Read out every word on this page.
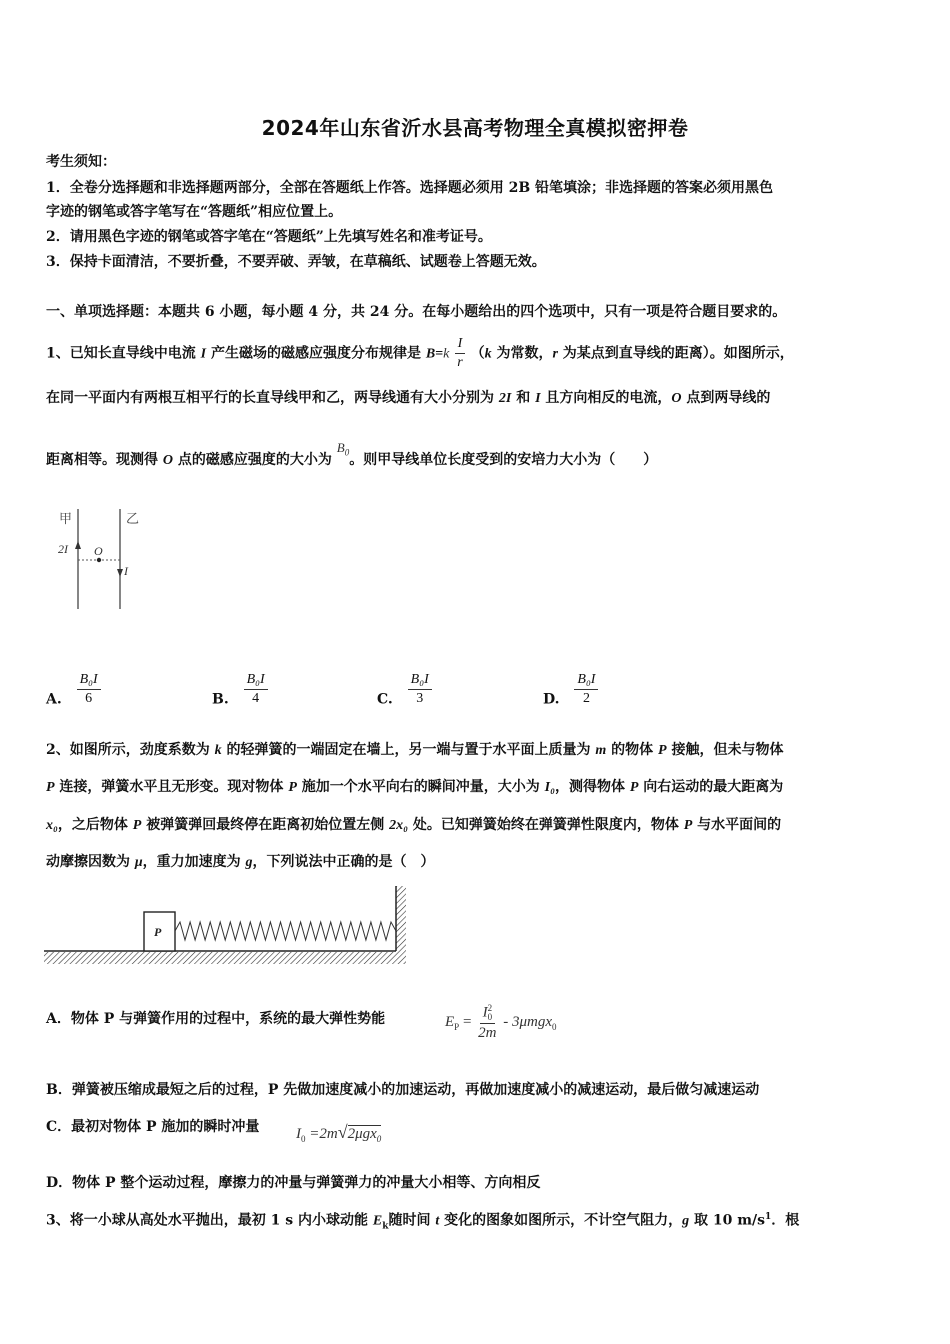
2024年山东省沂水县高考物理全真模拟密押卷
考生须知：
1．全卷分选择题和非选择题两部分，全部在答题纸上作答。选择题必须用 2B 铅笔填涂；非选择题的答案必须用黑色
字迹的钢笔或答字笔写在“答题纸”相应位置上。
2．请用黑色字迹的钢笔或答字笔在“答题纸”上先填写姓名和准考证号。
3．保持卡面清洁，不要折叠，不要弄破、弄皱，在草稿纸、试题卷上答题无效。
一、单项选择题：本题共 6 小题，每小题 4 分，共 24 分。在每小题给出的四个选项中，只有一项是符合题目要求的。
1、已知长直导线中电流 I 产生磁场的磁感应强度分布规律是 $B=k \frac{I}{r} (k$ 为常数，r 为某点到直导线的距离）。如图所示，
在同一平面内有两根互相平行的长直导线甲和乙，两导线通有大小分别为 2I 和 I 且方向相反的电流，O 点到两导线的
距离相等。现测得 O 点的磁感应强度的大小为 $B_0$。则甲导线单位长度受到的安培力大小为（　　）
甲	乙
2I O
I
A. $\frac{\text{B₀I}}{6}$	B. $\frac{\text{B₀I}}{4}$	C. $\frac{\text{B₀I}}{3}$	D. $\frac{\text{B₀I}}{2}$
2、如图所示，劲度系数为 k 的轻弹簧的一端固定在墙上，另一端与置于水平面上质量为 m 的物体 P 接触，但未与物体
P 连接，弹簧水平且无形变。现对物体 P 施加一个水平向右的瞬间冲量，大小为 I₀，测得物体 P 向右运动的最大距离为
x₀，之后物体 P 被弹簧弹回最终停在距离初始位置左侧 2x₀ 处。已知弹簧始终在弹簧弹性限度内，物体 P 与水平面间的
动摩擦因数为 μ，重力加速度为 g，下列说法中正确的是（　）
P
A．物体 P 与弹簧作用的过程中，系统的最大弹性势能	$E_P = I$ 2
0
2m - 3μmgx$_0$
B．弹簧被压缩成最短之后的过程，P 先做加速度减小的加速运动，再做加速度减小的减速运动，最后做匀减速运动
C．最初对物体 P 施加的瞬时冲量 $I_0 =2m√2\mu gx_0$
D．物体 P 整个运动过程，摩擦力的冲量与弹簧弹力的冲量大小相等、方向相反
3、将一小球从高处水平抛出，最初 1 s 内小球动能 $E_k$随时间 t 变化的图象如图所示，不计空气阻力，g 取 10 $m/s^1$．根
